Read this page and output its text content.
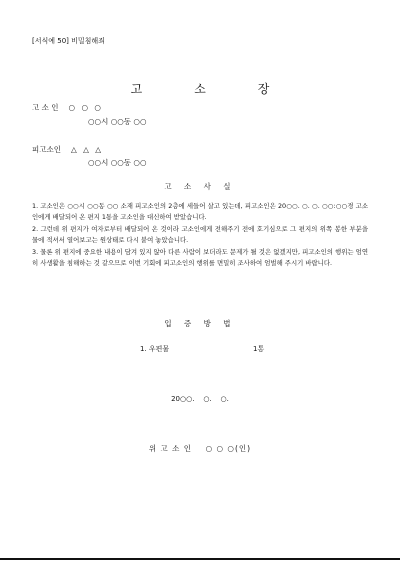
[서식예 50] 비밀침해죄
고	소	장
고 소 인 ○ ○ ○
○○시 ○○동 ○○
피고소인 △ △ △
○○시 ○○동 ○○
고 소 사 실

1. 고소인은 ○○시 ○○동 ○○ 소재 피고소인의 2층에 세들어 살고 있는데, 피고소인은 20○○. ○. ○. ○○:○○경 고소인에게 배달되어 온 편지 1통을 고소인을 대신하여 받았습니다.

2. 그런데 위 편지가 여자로부터 배달되어 온 것이라 고소인에게 전해주기 전에 호기심으로 그 편지의 위쪽 봉한 부분을 물에 적셔서 열어보고는 원상태로 다시 붙여 놓았습니다.

3. 물론 위 편지에 중요한 내용이 담겨 있지 않아 다른 사람이 보더라도 문제가 될 것은 없겠지만, 피고소인의 행위는 엄연히 사생활을 침해하는 것 같으므로 이번 기회에 피고소인의 행위를 면밀히 조사하여 엄벌해 주시기 바랍니다.

입 증 방 법
1. 우편물	1통
20○○.    ○.    ○.
위 고 소 인    ○ ○ ○(인)
